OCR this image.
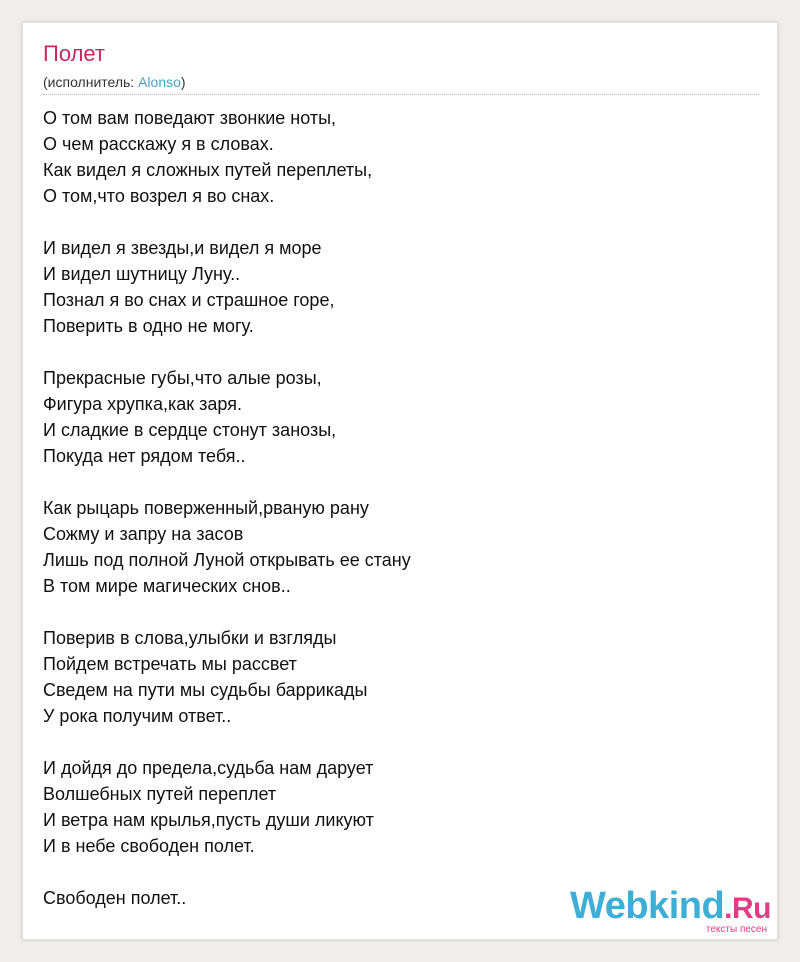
Полет
(исполнитель: Alonso)
О том вам поведают звонкие ноты,
О чем расскажу я в словах.
Как видел я сложных путей переплеты,
О том,что возрел я во снах.
И видел я звезды,и видел я море
И видел шутницу Луну..
Познал я во снах и страшное горе,
Поверить в одно не могу.
Прекрасные губы,что алые розы,
Фигура хрупка,как заря.
И сладкие в сердце стонут занозы,
Покуда нет рядом тебя..
Как рыцарь поверженный,рваную рану
Сожму и запру на засов
Лишь под полной Луной открывать ее стану
В том мире магических снов..
Поверив в слова,улыбки и взгляды
Пойдем встречать мы рассвет
Сведем на пути мы судьбы баррикады
У рока получим ответ..
И дойдя до предела,судьба нам дарует
Волшебных путей переплет
И ветра нам крылья,пусть души ликуют
И в небе свободен полет.
Свободен полет..	Webkind.Ru
тексты песен
